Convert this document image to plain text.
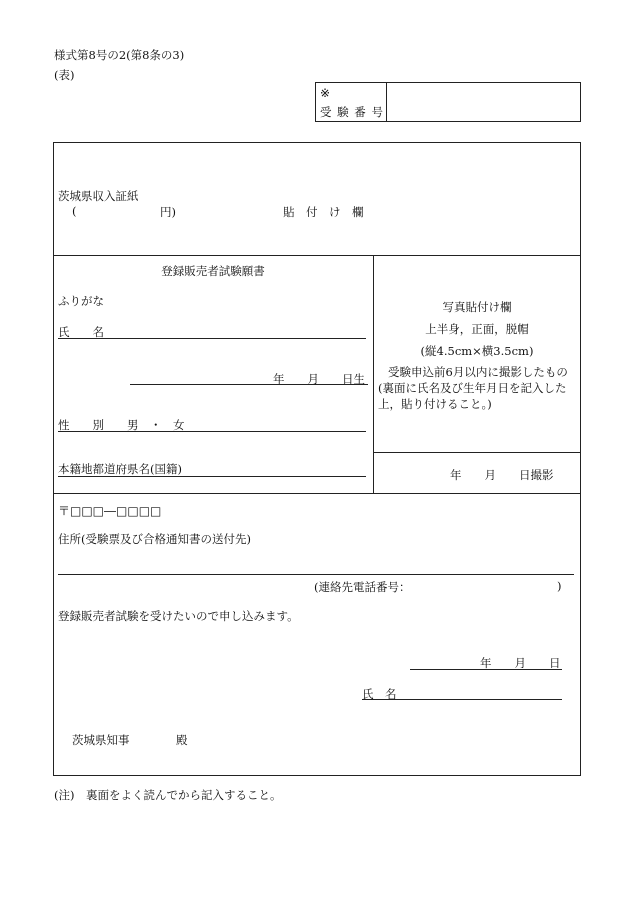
様式第8号の2(第8条の3)
(表)
※
受 験 番 号
茨城県収入証紙
(	円)	貼　付　け　欄
登録販売者試験願書
ふりがな
氏　　名
年　　月　　日生
性　　別　　男　・　女
本籍地都道府県名(国籍)
写真貼付け欄
上半身，正面，脱帽
(縦4.5cm×横3.5cm)
受験申込前6月以内に撮影したもの
(裏面に氏名及び生年月日を記入した
上，貼り付けること。)
年　　月　　日撮影
〒□□□―□□□□
住所(受験票及び合格通知書の送付先)
(連絡先電話番号：	)
登録販売者試験を受けたいので申し込みます。
年　　月　　日
氏　名
茨城県知事	殿
(注)　裏面をよく読んでから記入すること。
